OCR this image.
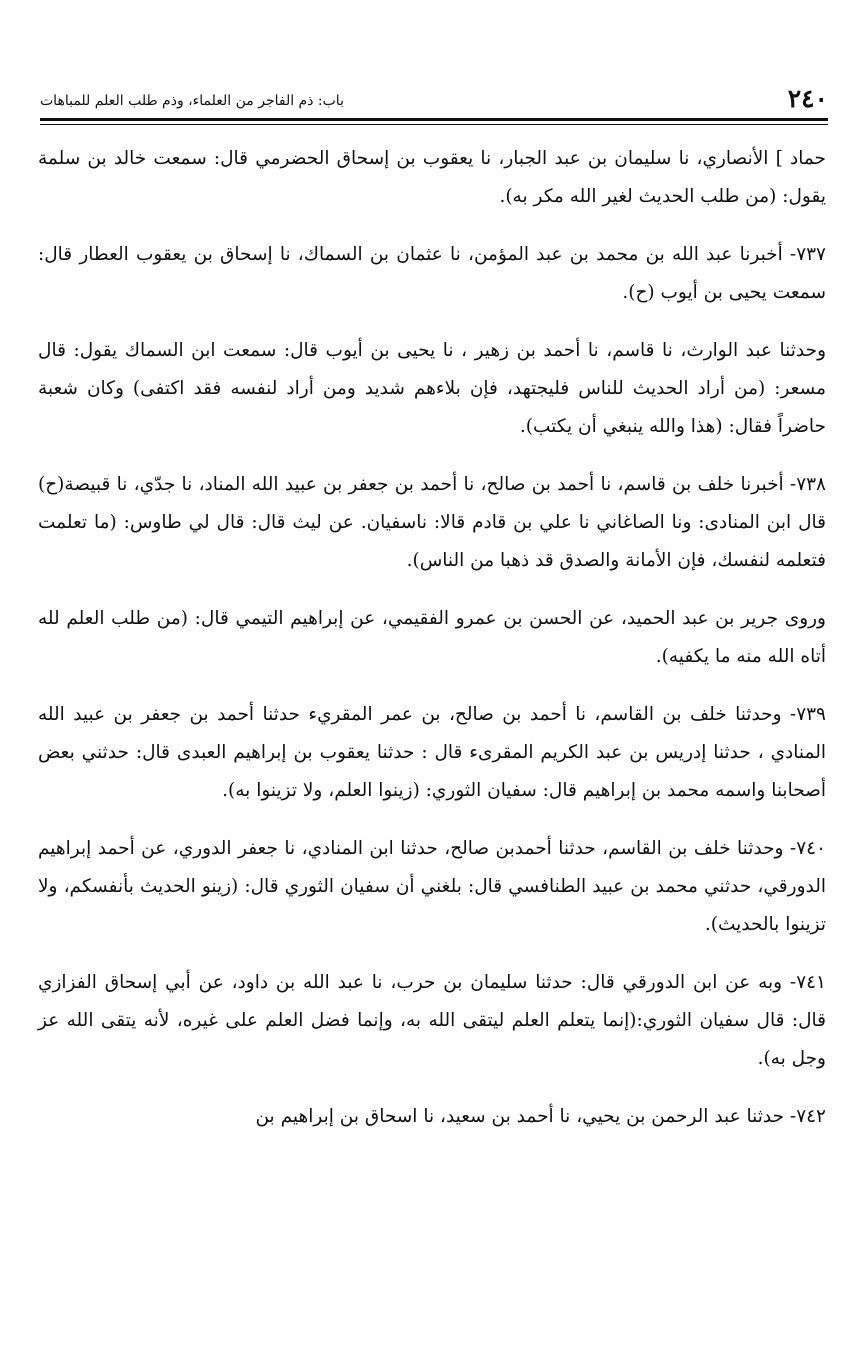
٢٤٠
باب: ذم الفاجر من العلماء، وذم طلب العلم للمباهات

حماد ] الأنصاري، نا سليمان بن عبد الجبار، نا يعقوب بن إسحاق الحضرمي قال: سمعت خالد بن سلمة يقول: (من طلب الحديث لغير الله مكر به).

٧٣٧- أخبرنا عبد الله بن محمد بن عبد المؤمن، نا عثمان بن السماك، نا إسحاق بن يعقوب العطار قال: سمعت يحيى بن أيوب (ح).

وحدثنا عبد الوارث، نا قاسم، نا أحمد بن زهير ، نا يحيى بن أيوب قال: سمعت ابن السماك يقول: قال مسعر: (من أراد الحديث للناس فليجتهد، فإن بلاءهم شديد ومن أراد لنفسه فقد اكتفى) وكان شعبة حاضراً فقال: (هذا والله ينبغي أن يكتب).

٧٣٨- أخبرنا خلف بن قاسم، نا أحمد بن صالح، نا أحمد بن جعفر بن عبيد الله المناد، نا جدّي، نا قبيصة(ح) قال ابن المنادى: ونا الصاغاني نا علي بن قادم قالا: ناسفيان. عن ليث قال: قال لي طاوس: (ما تعلمت فتعلمه لنفسك، فإن الأمانة والصدق قد ذهبا من الناس).

وروى جرير بن عبد الحميد، عن الحسن بن عمرو الفقيمي، عن إبراهيم التيمي قال: (من طلب العلم لله أتاه الله منه ما يكفيه).

٧٣٩- وحدثنا خلف بن القاسم، نا أحمد بن صالح، بن عمر المقريء حدثنا أحمد بن جعفر بن عبيد الله المنادي ، حدثنا إدريس بن عبد الكريم المقرىء قال : حدثنا يعقوب بن إبراهيم العبدى قال: حدثني بعض أصحابنا واسمه محمد بن إبراهيم قال: سفيان الثوري: (زينوا العلم، ولا تزينوا به).

٧٤٠- وحدثنا خلف بن القاسم، حدثنا أحمدبن صالح، حدثنا ابن المنادي، نا جعفر الدوري، عن أحمد إبراهيم الدورقي، حدثني محمد بن عبيد الطنافسي قال: بلغني أن سفيان الثوري قال: (زينو الحديث بأنفسكم، ولا تزينوا بالحديث).

٧٤١- وبه عن ابن الدورقي قال: حدثنا سليمان بن حرب، نا عبد الله بن داود، عن أبي إسحاق الفزازي قال: قال سفيان الثوري:(إنما يتعلم العلم ليتقى الله به، وإنما فضل العلم على غيره، لأنه يتقى الله عز وجل به).

٧٤٢- حدثنا عبد الرحمن بن يحيي، نا أحمد بن سعيد، نا اسحاق بن إبراهيم بن
